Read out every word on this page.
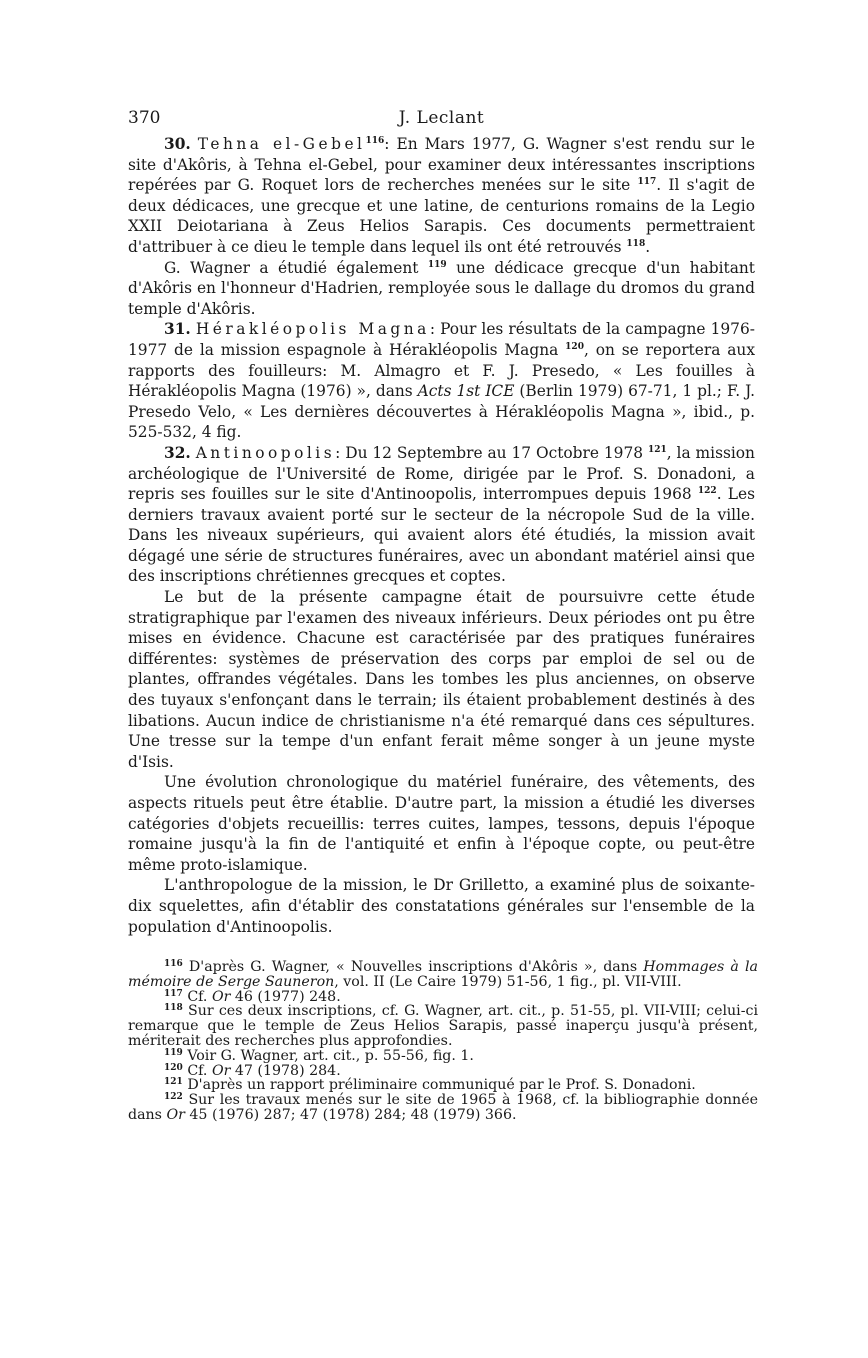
370	J. Leclant

30. Tehna el-Gebel$^{116}$: En Mars 1977, G. Wagner s'est rendu sur le site d'Akôris, à Tehna el-Gebel, pour examiner deux intéressantes inscriptions repérées par G. Roquet lors de recherches menées sur le site $^{117}$. Il s'agit de deux dédicaces, une grecque et une latine, de centurions romains de la Legio XXII Deiotariana à Zeus Helios Sarapis. Ces documents permettraient d'attribuer à ce dieu le temple dans lequel ils ont été retrouvés $^{118}$.

G. Wagner a étudié également $^{119}$ une dédicace grecque d'un habitant d'Akôris en l'honneur d'Hadrien, remployée sous le dallage du dromos du grand temple d'Akôris.

31. Hérakléopolis Magna: Pour les résultats de la campagne 1976-1977 de la mission espagnole à Hérakléopolis Magna $^{120}$, on se reportera aux rapports des fouilleurs: M. Almagro et F. J. Presedo, « Les fouilles à Hérakléopolis Magna (1976) », dans Acts 1st ICE (Berlin 1979) 67-71, 1 pl.; F. J. Presedo Velo, « Les dernières découvertes à Hérakléopolis Magna », ibid., p. 525-532, 4 fig.

32. Antinoopolis: Du 12 Septembre au 17 Octobre 1978 $^{121}$, la mission archéologique de l'Université de Rome, dirigée par le Prof. S. Donadoni, a repris ses fouilles sur le site d'Antinoopolis, interrompues depuis 1968 $^{122}$. Les derniers travaux avaient porté sur le secteur de la nécropole Sud de la ville. Dans les niveaux supérieurs, qui avaient alors été étudiés, la mission avait dégagé une série de structures funéraires, avec un abondant matériel ainsi que des inscriptions chrétiennes grecques et coptes.

Le but de la présente campagne était de poursuivre cette étude stratigraphique par l'examen des niveaux inférieurs. Deux périodes ont pu être mises en évidence. Chacune est caractérisée par des pratiques funéraires différentes: systèmes de préservation des corps par emploi de sel ou de plantes, offrandes végétales. Dans les tombes les plus anciennes, on observe des tuyaux s'enfonçant dans le terrain; ils étaient probablement destinés à des libations. Aucun indice de christianisme n'a été remarqué dans ces sépultures. Une tresse sur la tempe d'un enfant ferait même songer à un jeune myste d'Isis.

Une évolution chronologique du matériel funéraire, des vêtements, des aspects rituels peut être établie. D'autre part, la mission a étudié les diverses catégories d'objets recueillis: terres cuites, lampes, tessons, depuis l'époque romaine jusqu'à la fin de l'antiquité et enfin à l'époque copte, ou peut-être même proto-islamique.

L'anthropologue de la mission, le Dr Grilletto, a examiné plus de soixante-dix squelettes, afin d'établir des constatations générales sur l'ensemble de la population d'Antinoopolis.

$^{116}$ D'après G. Wagner, « Nouvelles inscriptions d'Akôris », dans Hommages à la mémoire de Serge Sauneron, vol. II (Le Caire 1979) 51-56, 1 fig., pl. VII-VIII.

$^{117}$ Cf. Or 46 (1977) 248.

$^{118}$ Sur ces deux inscriptions, cf. G. Wagner, art. cit., p. 51-55, pl. VII-VIII; celui-ci remarque que le temple de Zeus Helios Sarapis, passé inaperçu jusqu'à présent, mériterait des recherches plus approfondies.

$^{119}$ Voir G. Wagner, art. cit., p. 55-56, fig. 1.

$^{120}$ Cf. Or 47 (1978) 284.

$^{121}$ D'après un rapport préliminaire communiqué par le Prof. S. Donadoni.

$^{122}$ Sur les travaux menés sur le site de 1965 à 1968, cf. la bibliographie donnée dans Or 45 (1976) 287; 47 (1978) 284; 48 (1979) 366.
